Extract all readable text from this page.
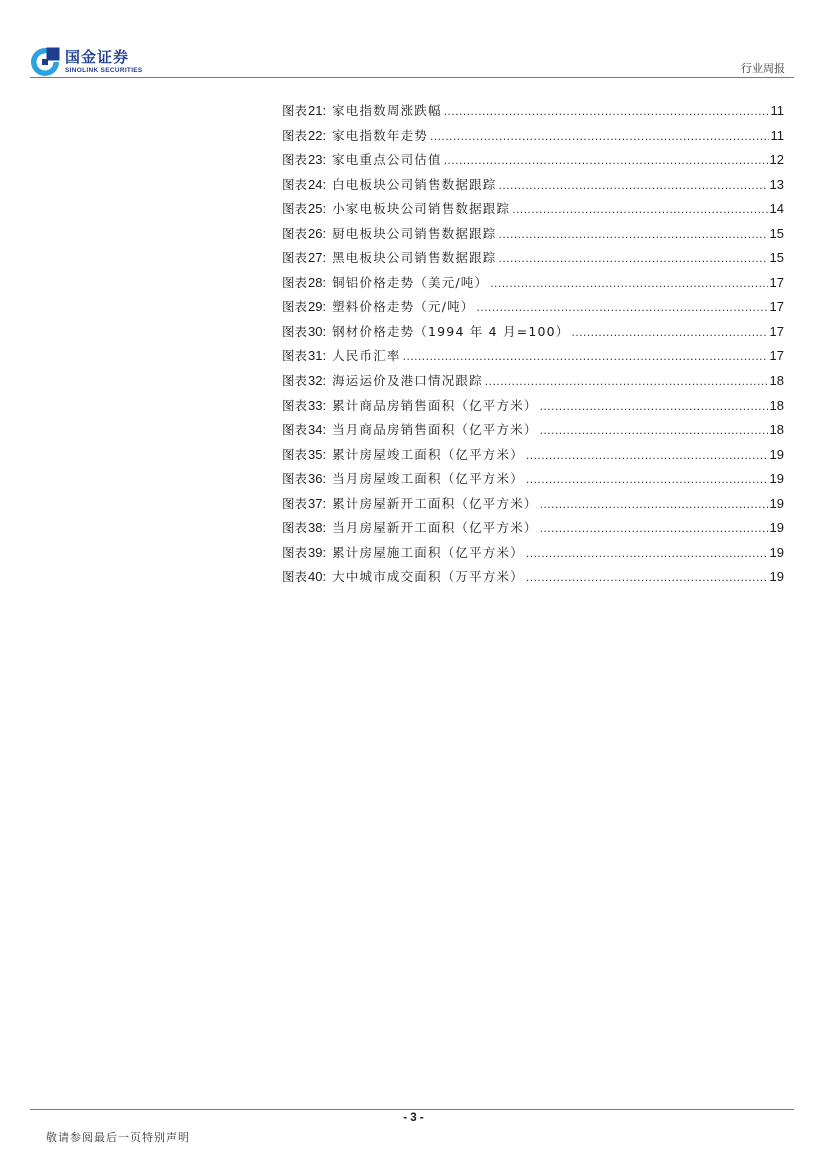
国金证券
SINOLINK SECURITIES	行业周报
图表 21: 家电指数周涨跌幅 .....	11
图表 22: 家电指数年走势 .....	11
图表 23: 家电重点公司估值 .....	12
图表 24: 白电板块公司销售数据跟踪 .....	13
图表 25: 小家电板块公司销售数据跟踪 .....	14
图表 26: 厨电板块公司销售数据跟踪 .....	15
图表 27: 黑电板块公司销售数据跟踪 .....	15
图表 28: 铜铝价格走势（美元/吨） .....	17
图表 29: 塑料价格走势（元/吨） .....	17
图表 30: 钢材价格走势（1994 年 4 月=100） .....	17
图表 31: 人民币汇率 .....	17
图表 32: 海运运价及港口情况跟踪 .....	18
图表 33: 累计商品房销售面积（亿平方米） .....	18
图表 34: 当月商品房销售面积（亿平方米） .....	18
图表 35: 累计房屋竣工面积（亿平方米） .....	19
图表 36: 当月房屋竣工面积（亿平方米） .....	19
图表 37: 累计房屋新开工面积（亿平方米） .....	19
图表 38: 当月房屋新开工面积（亿平方米） .....	19
图表 39: 累计房屋施工面积（亿平方米） .....	19
图表 40: 大中城市成交面积（万平方米） .....	19
- 3 -
敬请参阅最后一页特别声明
